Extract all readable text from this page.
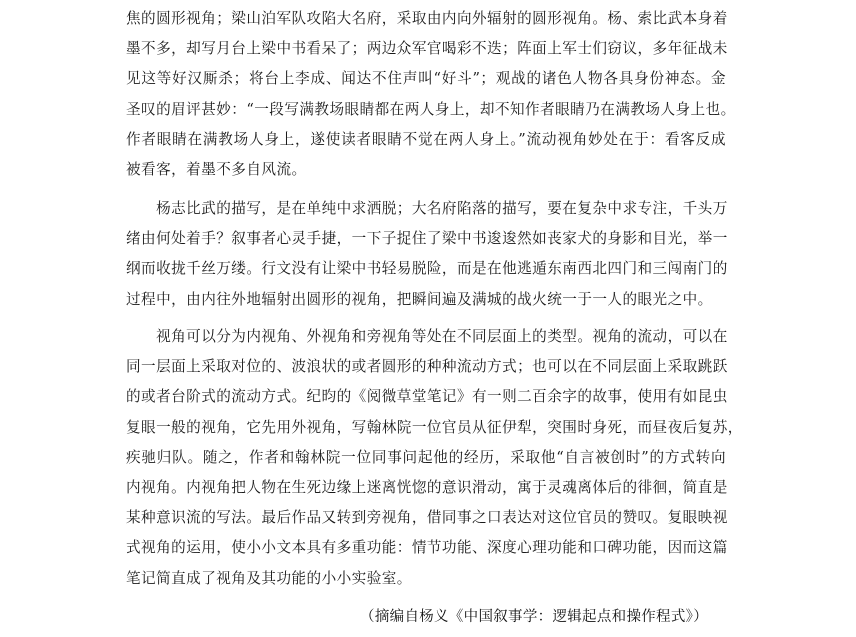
焦的圆形视角；梁山泊军队攻陷大名府，采取由内向外辐射的圆形视角。杨、索比武本身着
墨不多，却写月台上梁中书看呆了；两边众军官喝彩不迭；阵面上军士们窃议，多年征战未
见这等好汉厮杀；将台上李成、闻达不住声叫“好斗”；观战的诸色人物各具身份神态。金
圣叹的眉评甚妙：“一段写满教场眼睛都在两人身上，却不知作者眼睛乃在满教场人身上也。
作者眼睛在满教场人身上，遂使读者眼睛不觉在两人身上。”流动视角妙处在于：看客反成
被看客，着墨不多自风流。
　　杨志比武的描写，是在单纯中求洒脱；大名府陷落的描写，要在复杂中求专注，千头万
绪由何处着手？叙事者心灵手捷，一下子捉住了梁中书逡逡然如丧家犬的身影和目光，举一
纲而收拢千丝万缕。行文没有让梁中书轻易脱险，而是在他逃遁东南西北四门和三闯南门的
过程中，由内往外地辐射出圆形的视角，把瞬间遍及满城的战火统一于一人的眼光之中。
　　视角可以分为内视角、外视角和旁视角等处在不同层面上的类型。视角的流动，可以在
同一层面上采取对位的、波浪状的或者圆形的种种流动方式；也可以在不同层面上采取跳跃
的或者台阶式的流动方式。纪昀的《阅微草堂笔记》有一则二百余字的故事，使用有如昆虫
复眼一般的视角，它先用外视角，写翰林院一位官员从征伊犁，突围时身死，而昼夜后复苏，
疾驰归队。随之，作者和翰林院一位同事问起他的经历，采取他“自言被创时”的方式转向
内视角。内视角把人物在生死边缘上迷离恍惚的意识滑动，寓于灵魂离体后的徘徊，简直是
某种意识流的写法。最后作品又转到旁视角，借同事之口表达对这位官员的赞叹。复眼映视
式视角的运用，使小小文本具有多重功能：情节功能、深度心理功能和口碑功能，因而这篇
笔记简直成了视角及其功能的小小实验室。
（摘编自杨义《中国叙事学：逻辑起点和操作程式》）
